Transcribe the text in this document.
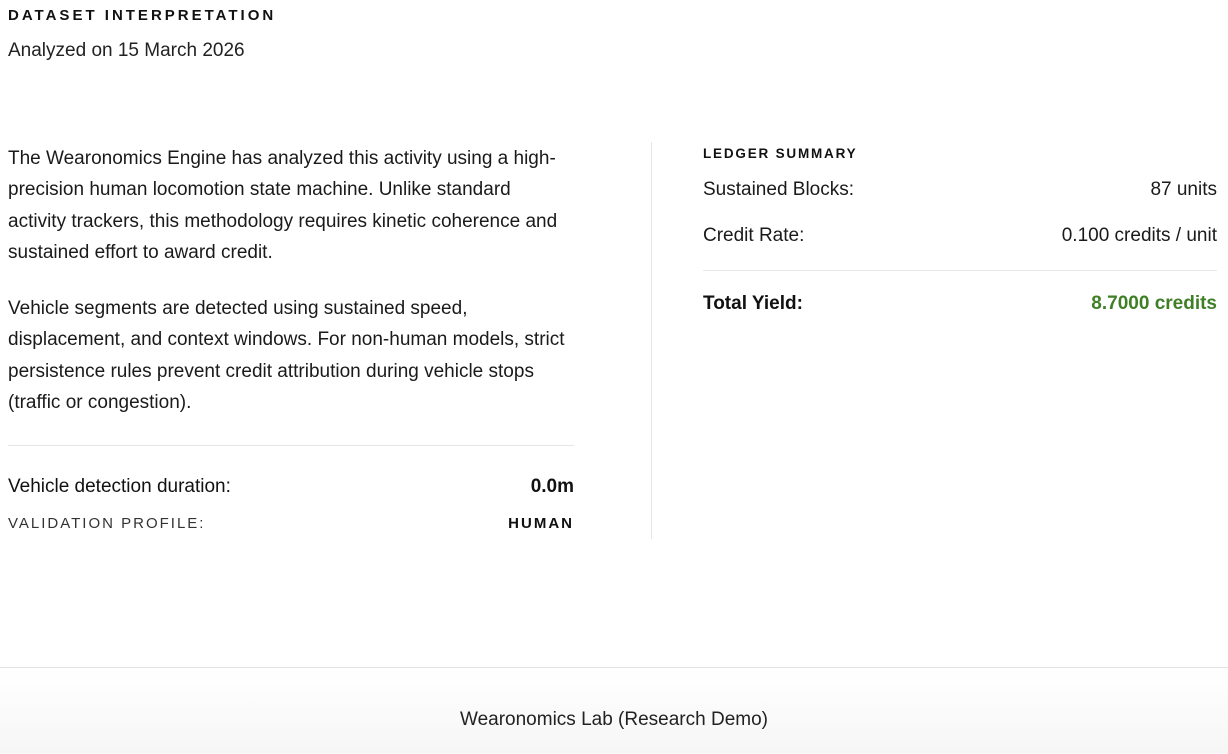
DATASET INTERPRETATION
Analyzed on 15 March 2026

The Wearonomics Engine has analyzed this activity using a high-precision human locomotion state machine. Unlike standard activity trackers, this methodology requires kinetic coherence and sustained effort to award credit.

Vehicle segments are detected using sustained speed, displacement, and context windows. For non-human models, strict persistence rules prevent credit attribution during vehicle stops (traffic or congestion).

Vehicle detection duration:	0.0m
VALIDATION PROFILE:	HUMAN
LEDGER SUMMARY
Sustained Blocks:	87 units
Credit Rate:	0.100 credits / unit
Total Yield:	8.7000 credits
Wearonomics Lab (Research Demo)
